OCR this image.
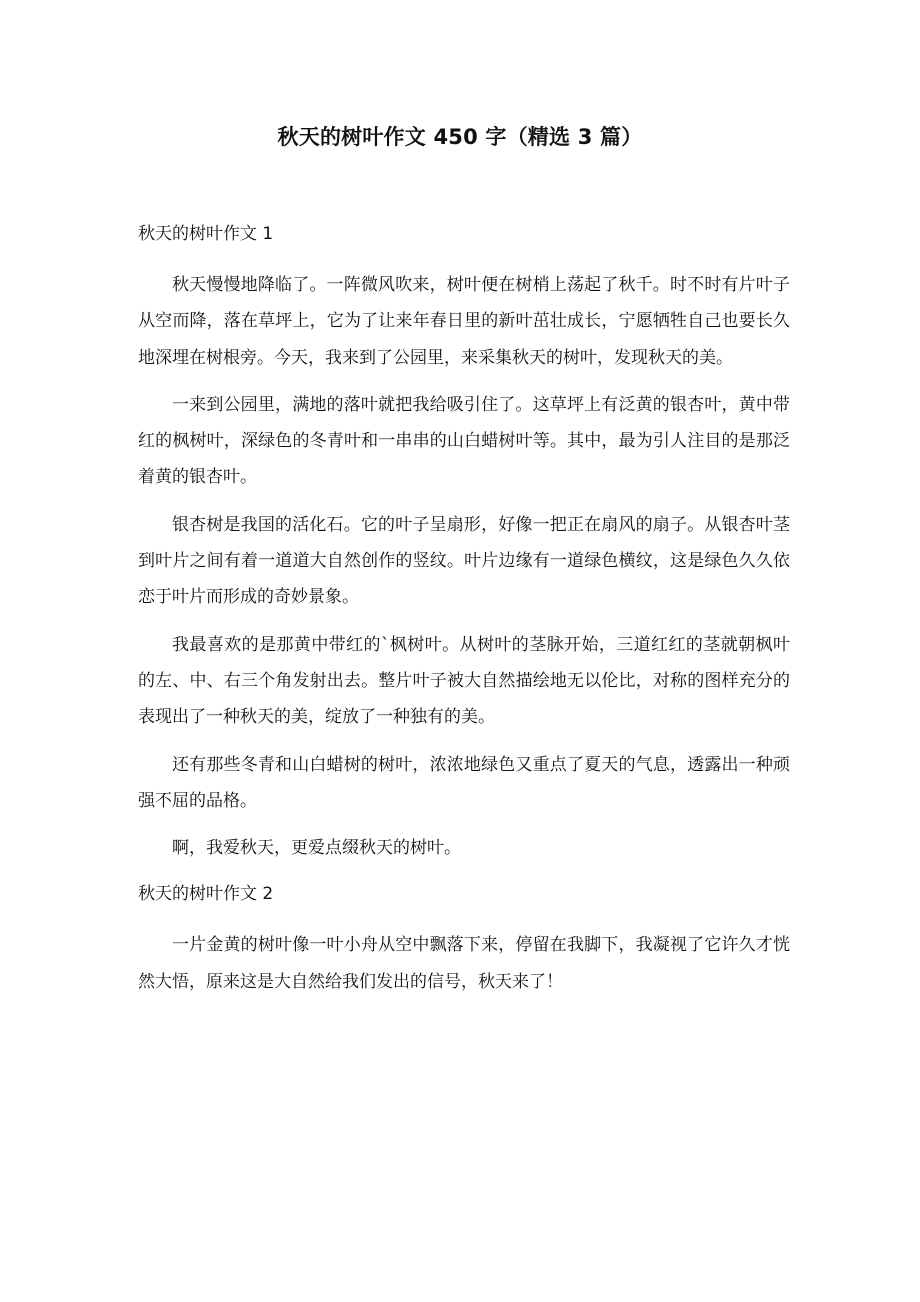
秋天的树叶作文 450 字（精选 3 篇）
秋天的树叶作文 1

秋天慢慢地降临了。一阵微风吹来，树叶便在树梢上荡起了秋千。时不时有片叶子从空而降，落在草坪上，它为了让来年春日里的新叶茁壮成长，宁愿牺牲自己也要长久地深埋在树根旁。今天，我来到了公园里，来采集秋天的树叶，发现秋天的美。

一来到公园里，满地的落叶就把我给吸引住了。这草坪上有泛黄的银杏叶，黄中带红的枫树叶，深绿色的冬青叶和一串串的山白蜡树叶等。其中，最为引人注目的是那泛着黄的银杏叶。

银杏树是我国的活化石。它的叶子呈扇形，好像一把正在扇风的扇子。从银杏叶茎到叶片之间有着一道道大自然创作的竖纹。叶片边缘有一道绿色横纹，这是绿色久久依恋于叶片而形成的奇妙景象。

我最喜欢的是那黄中带红的`枫树叶。从树叶的茎脉开始，三道红红的茎就朝枫叶的左、中、右三个角发射出去。整片叶子被大自然描绘地无以伦比，对称的图样充分的表现出了一种秋天的美，绽放了一种独有的美。

还有那些冬青和山白蜡树的树叶，浓浓地绿色又重点了夏天的气息，透露出一种顽强不屈的品格。

啊，我爱秋天，更爱点缀秋天的树叶。

秋天的树叶作文 2

一片金黄的树叶像一叶小舟从空中飘落下来，停留在我脚下，我凝视了它许久才恍然大悟，原来这是大自然给我们发出的信号，秋天来了！
